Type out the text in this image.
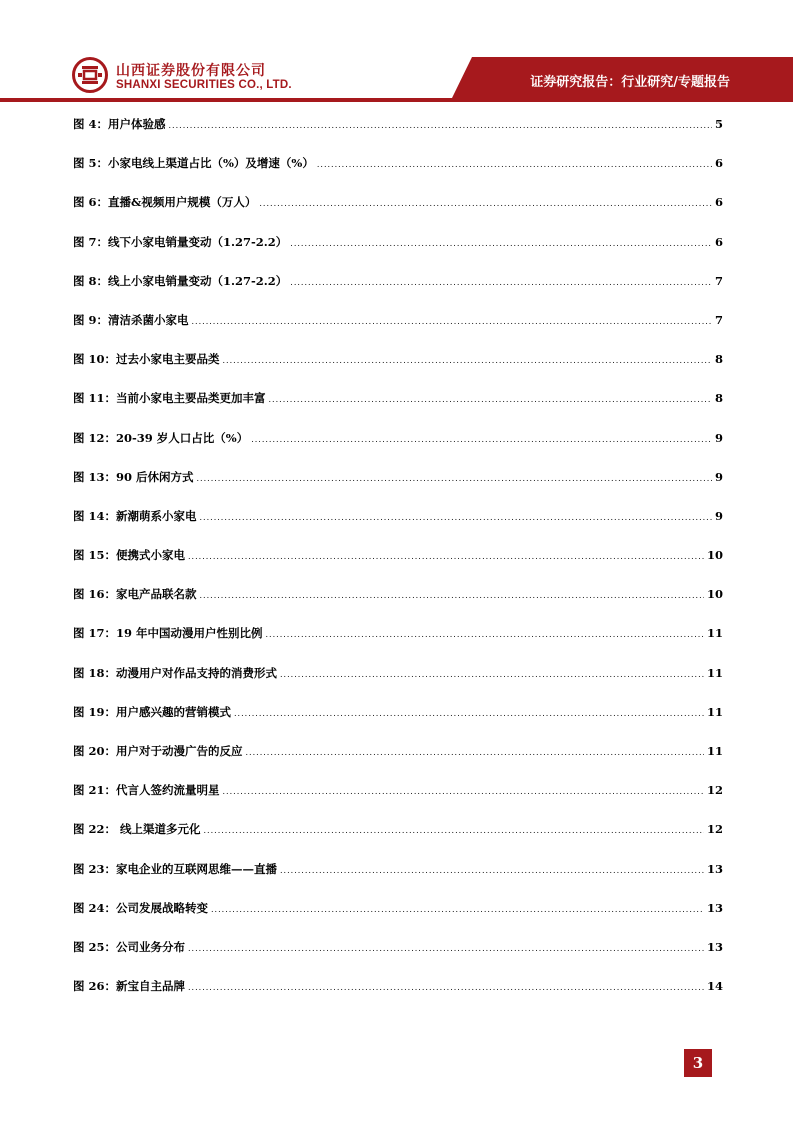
山西证券股份有限公司
SHANXI SECURITIES CO., LTD.	证券研究报告：行业研究/专题报告
图 4：用户体验感 .....	5
图 5：小家电线上渠道占比（%）及增速（%） .....	6
图 6：直播&视频用户规模（万人） .....	6
图 7：线下小家电销量变动（1.27-2.2） .....	6
图 8：线上小家电销量变动（1.27-2.2） .....	7
图 9：清洁杀菌小家电 .....	7
图 10：过去小家电主要品类 .....	8
图 11：当前小家电主要品类更加丰富 .....	8
图 12：20-39 岁人口占比（%） .....	9
图 13：90 后休闲方式 .....	9
图 14：新潮萌系小家电 .....	9
图 15：便携式小家电 .....	10
图 16：家电产品联名款 .....	10
图 17：19 年中国动漫用户性别比例 .....	11
图 18：动漫用户对作品支持的消费形式 .....	11
图 19：用户感兴趣的营销模式 .....	11
图 20：用户对于动漫广告的反应 .....	11
图 21：代言人签约流量明星 .....	12
图 22： 线上渠道多元化 .....	12
图 23：家电企业的互联网思维——直播 .....	13
图 24：公司发展战略转变 .....	13
图 25：公司业务分布 .....	13
图 26：新宝自主品牌 .....	14
3
